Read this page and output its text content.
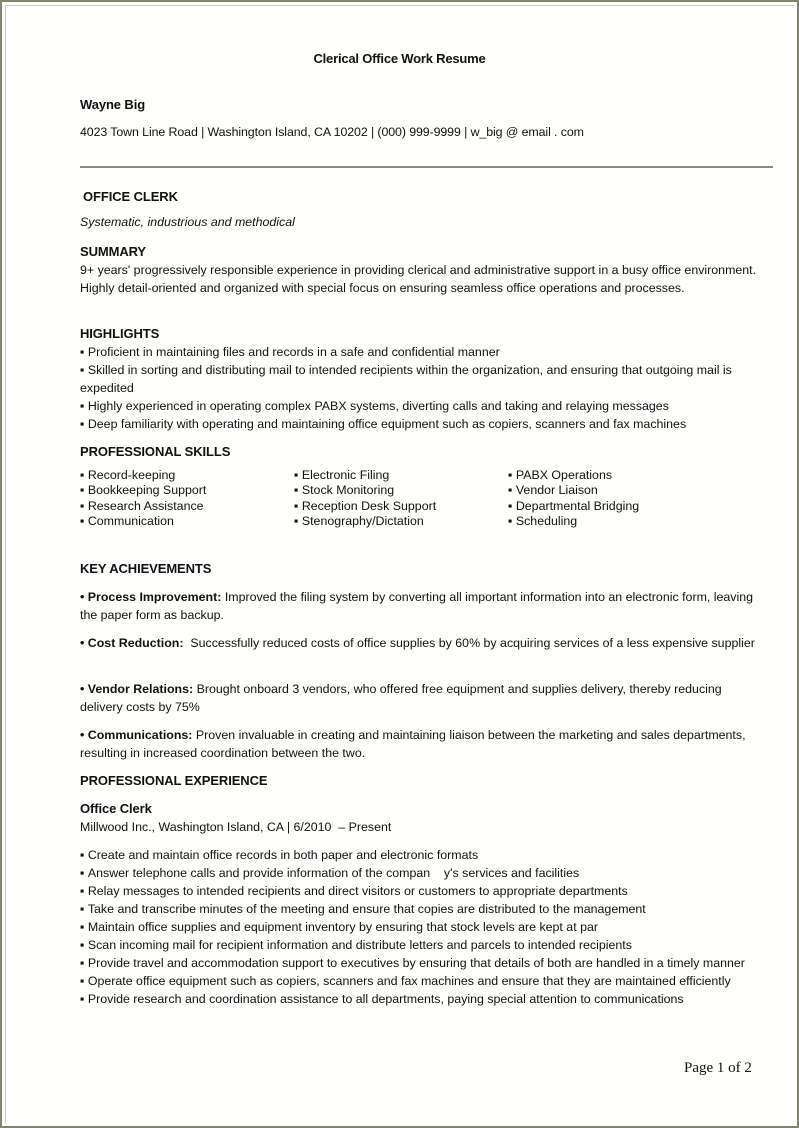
Clerical Office Work Resume
Wayne Big
4023 Town Line Road | Washington Island, CA 10202 | (000) 999-9999 | w_big @ email . com
OFFICE CLERK
Systematic, industrious and methodical
SUMMARY

9+ years' progressively responsible experience in providing clerical and administrative support in a busy office environment. Highly detail-oriented and organized with special focus on ensuring seamless office operations and processes.

HIGHLIGHTS
▪ Proficient in maintaining files and records in a safe and confidential manner
▪ Skilled in sorting and distributing mail to intended recipients within the organization, and ensuring that outgoing mail is expedited
▪ Highly experienced in operating complex PABX systems, diverting calls and taking and relaying messages
▪ Deep familiarity with operating and maintaining office equipment such as copiers, scanners and fax machines
PROFESSIONAL SKILLS
▪ Record-keeping
▪ Bookkeeping Support
▪ Research Assistance
▪ Communication
▪ Electronic Filing
▪ Stock Monitoring
▪ Reception Desk Support
▪ Stenography/Dictation
▪ PABX Operations
▪ Vendor Liaison
▪ Departmental Bridging
▪ Scheduling
KEY ACHIEVEMENTS
• Process Improvement: Improved the filing system by converting all important information into an electronic form, leaving the paper form as backup.
• Cost Reduction:  Successfully reduced costs of office supplies by 60% by acquiring services of a less expensive supplier
• Vendor Relations: Brought onboard 3 vendors, who offered free equipment and supplies delivery, thereby reducing delivery costs by 75%
• Communications: Proven invaluable in creating and maintaining liaison between the marketing and sales departments, resulting in increased coordination between the two.
PROFESSIONAL EXPERIENCE
Office Clerk
Millwood Inc., Washington Island, CA | 6/2010  – Present
▪ Create and maintain office records in both paper and electronic formats
▪ Answer telephone calls and provide information of the compan    y's services and facilities
▪ Relay messages to intended recipients and direct visitors or customers to appropriate departments
▪ Take and transcribe minutes of the meeting and ensure that copies are distributed to the management
▪ Maintain office supplies and equipment inventory by ensuring that stock levels are kept at par
▪ Scan incoming mail for recipient information and distribute letters and parcels to intended recipients
▪ Provide travel and accommodation support to executives by ensuring that details of both are handled in a timely manner
▪ Operate office equipment such as copiers, scanners and fax machines and ensure that they are maintained efficiently
▪ Provide research and coordination assistance to all departments, paying special attention to communications
Page 1 of 2
